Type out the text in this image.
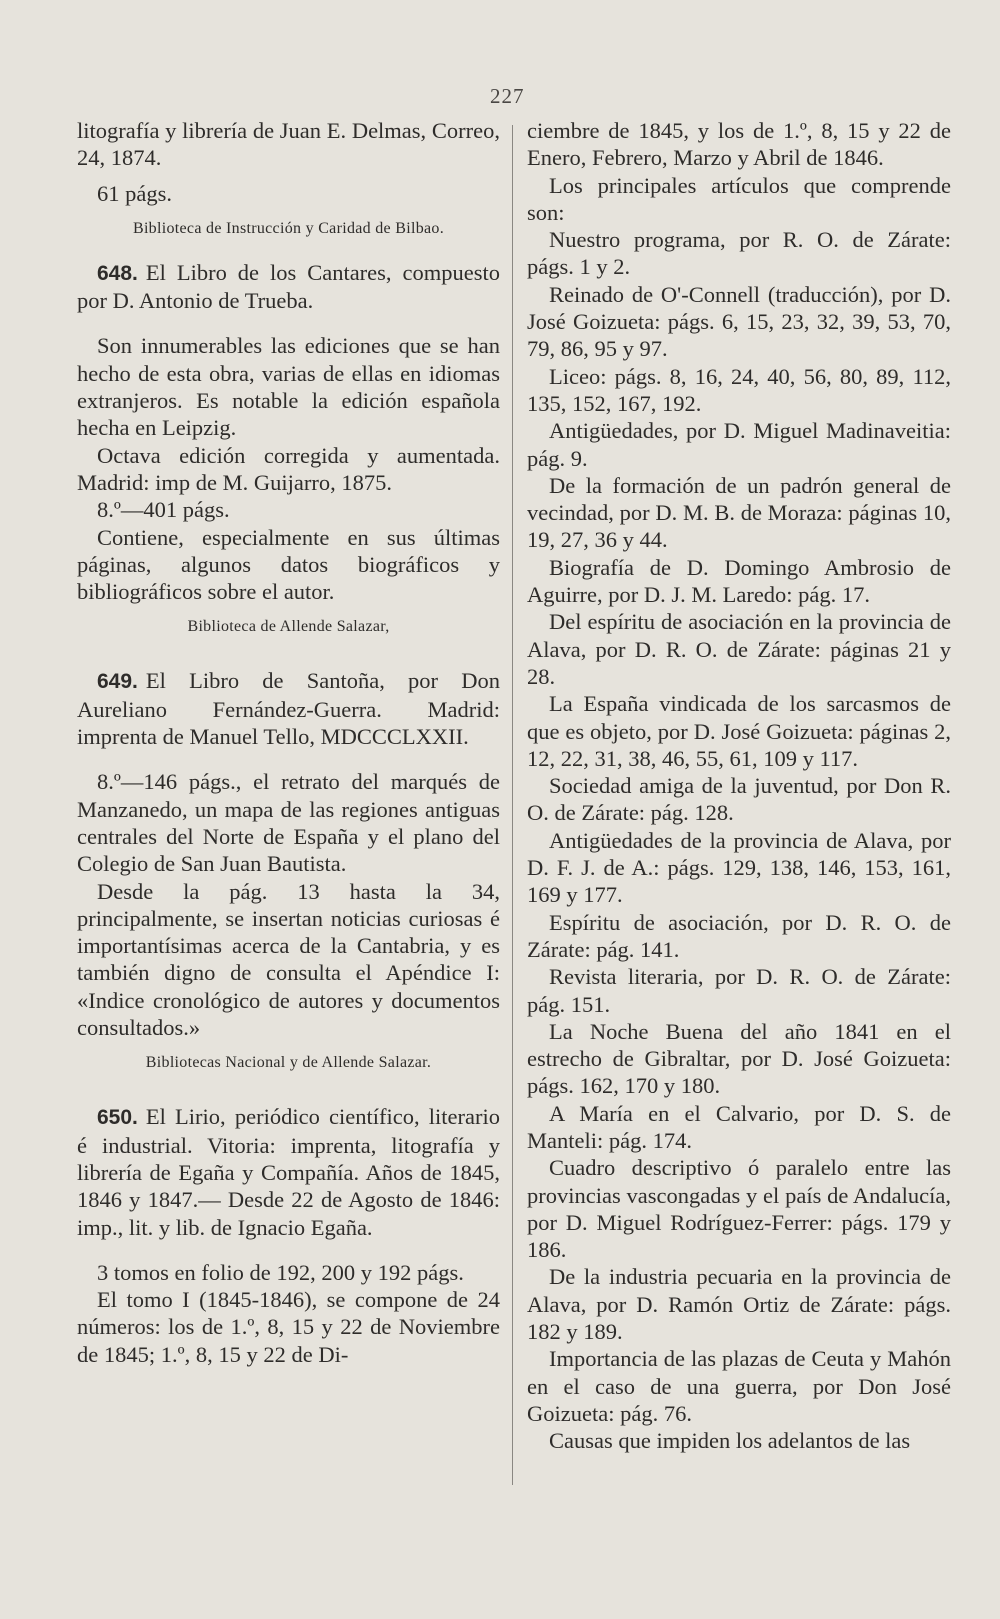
227

litografía y librería de Juan E. Delmas, Correo, 24, 1874.

61 págs.

Biblioteca de Instrucción y Caridad de Bilbao.

648. El Libro de los Cantares, compuesto por D. Antonio de Trueba.

Son innumerables las ediciones que se han hecho de esta obra, varias de ellas en idiomas extranjeros. Es notable la edición española hecha en Leipzig.

Octava edición corregida y aumentada. Madrid: imp de M. Guijarro, 1875.

8.º—401 págs.

Contiene, especialmente en sus últimas páginas, algunos datos biográficos y bibliográficos sobre el autor.

Biblioteca de Allende Salazar,

649. El Libro de Santoña, por Don Aureliano Fernández-Guerra. Madrid: imprenta de Manuel Tello, MDCCCLXXII.

8.º—146 págs., el retrato del marqués de Manzanedo, un mapa de las regiones antiguas centrales del Norte de España y el plano del Colegio de San Juan Bautista.

Desde la pág. 13 hasta la 34, principalmente, se insertan noticias curiosas é importantísimas acerca de la Cantabria, y es también digno de consulta el Apéndice I: «Indice cronológico de autores y documentos consultados.»

Bibliotecas Nacional y de Allende Salazar.

650. El Lirio, periódico científico, literario é industrial. Vitoria: imprenta, litografía y librería de Egaña y Compañía. Años de 1845, 1846 y 1847.— Desde 22 de Agosto de 1846: imp., lit. y lib. de Ignacio Egaña.

3 tomos en folio de 192, 200 y 192 págs.

El tomo I (1845-1846), se compone de 24 números: los de 1.º, 8, 15 y 22 de Noviembre de 1845; 1.º, 8, 15 y 22 de Di-

ciembre de 1845, y los de 1.º, 8, 15 y 22 de Enero, Febrero, Marzo y Abril de 1846.

Los principales artículos que comprende son:

Nuestro programa, por R. O. de Zárate: págs. 1 y 2.

Reinado de O'-Connell (traducción), por D. José Goizueta: págs. 6, 15, 23, 32, 39, 53, 70, 79, 86, 95 y 97.

Liceo: págs. 8, 16, 24, 40, 56, 80, 89, 112, 135, 152, 167, 192.

Antigüedades, por D. Miguel Madinaveitia: pág. 9.

De la formación de un padrón general de vecindad, por D. M. B. de Moraza: páginas 10, 19, 27, 36 y 44.

Biografía de D. Domingo Ambrosio de Aguirre, por D. J. M. Laredo: pág. 17.

Del espíritu de asociación en la provincia de Alava, por D. R. O. de Zárate: páginas 21 y 28.

La España vindicada de los sarcasmos de que es objeto, por D. José Goizueta: páginas 2, 12, 22, 31, 38, 46, 55, 61, 109 y 117.

Sociedad amiga de la juventud, por Don R. O. de Zárate: pág. 128.

Antigüedades de la provincia de Alava, por D. F. J. de A.: págs. 129, 138, 146, 153, 161, 169 y 177.

Espíritu de asociación, por D. R. O. de Zárate: pág. 141.

Revista literaria, por D. R. O. de Zárate: pág. 151.

La Noche Buena del año 1841 en el estrecho de Gibraltar, por D. José Goizueta: págs. 162, 170 y 180.

A María en el Calvario, por D. S. de Manteli: pág. 174.

Cuadro descriptivo ó paralelo entre las provincias vascongadas y el país de Andalucía, por D. Miguel Rodríguez-Ferrer: págs. 179 y 186.

De la industria pecuaria en la provincia de Alava, por D. Ramón Ortiz de Zárate: págs. 182 y 189.

Importancia de las plazas de Ceuta y Mahón en el caso de una guerra, por Don José Goizueta: pág. 76.

Causas que impiden los adelantos de las
